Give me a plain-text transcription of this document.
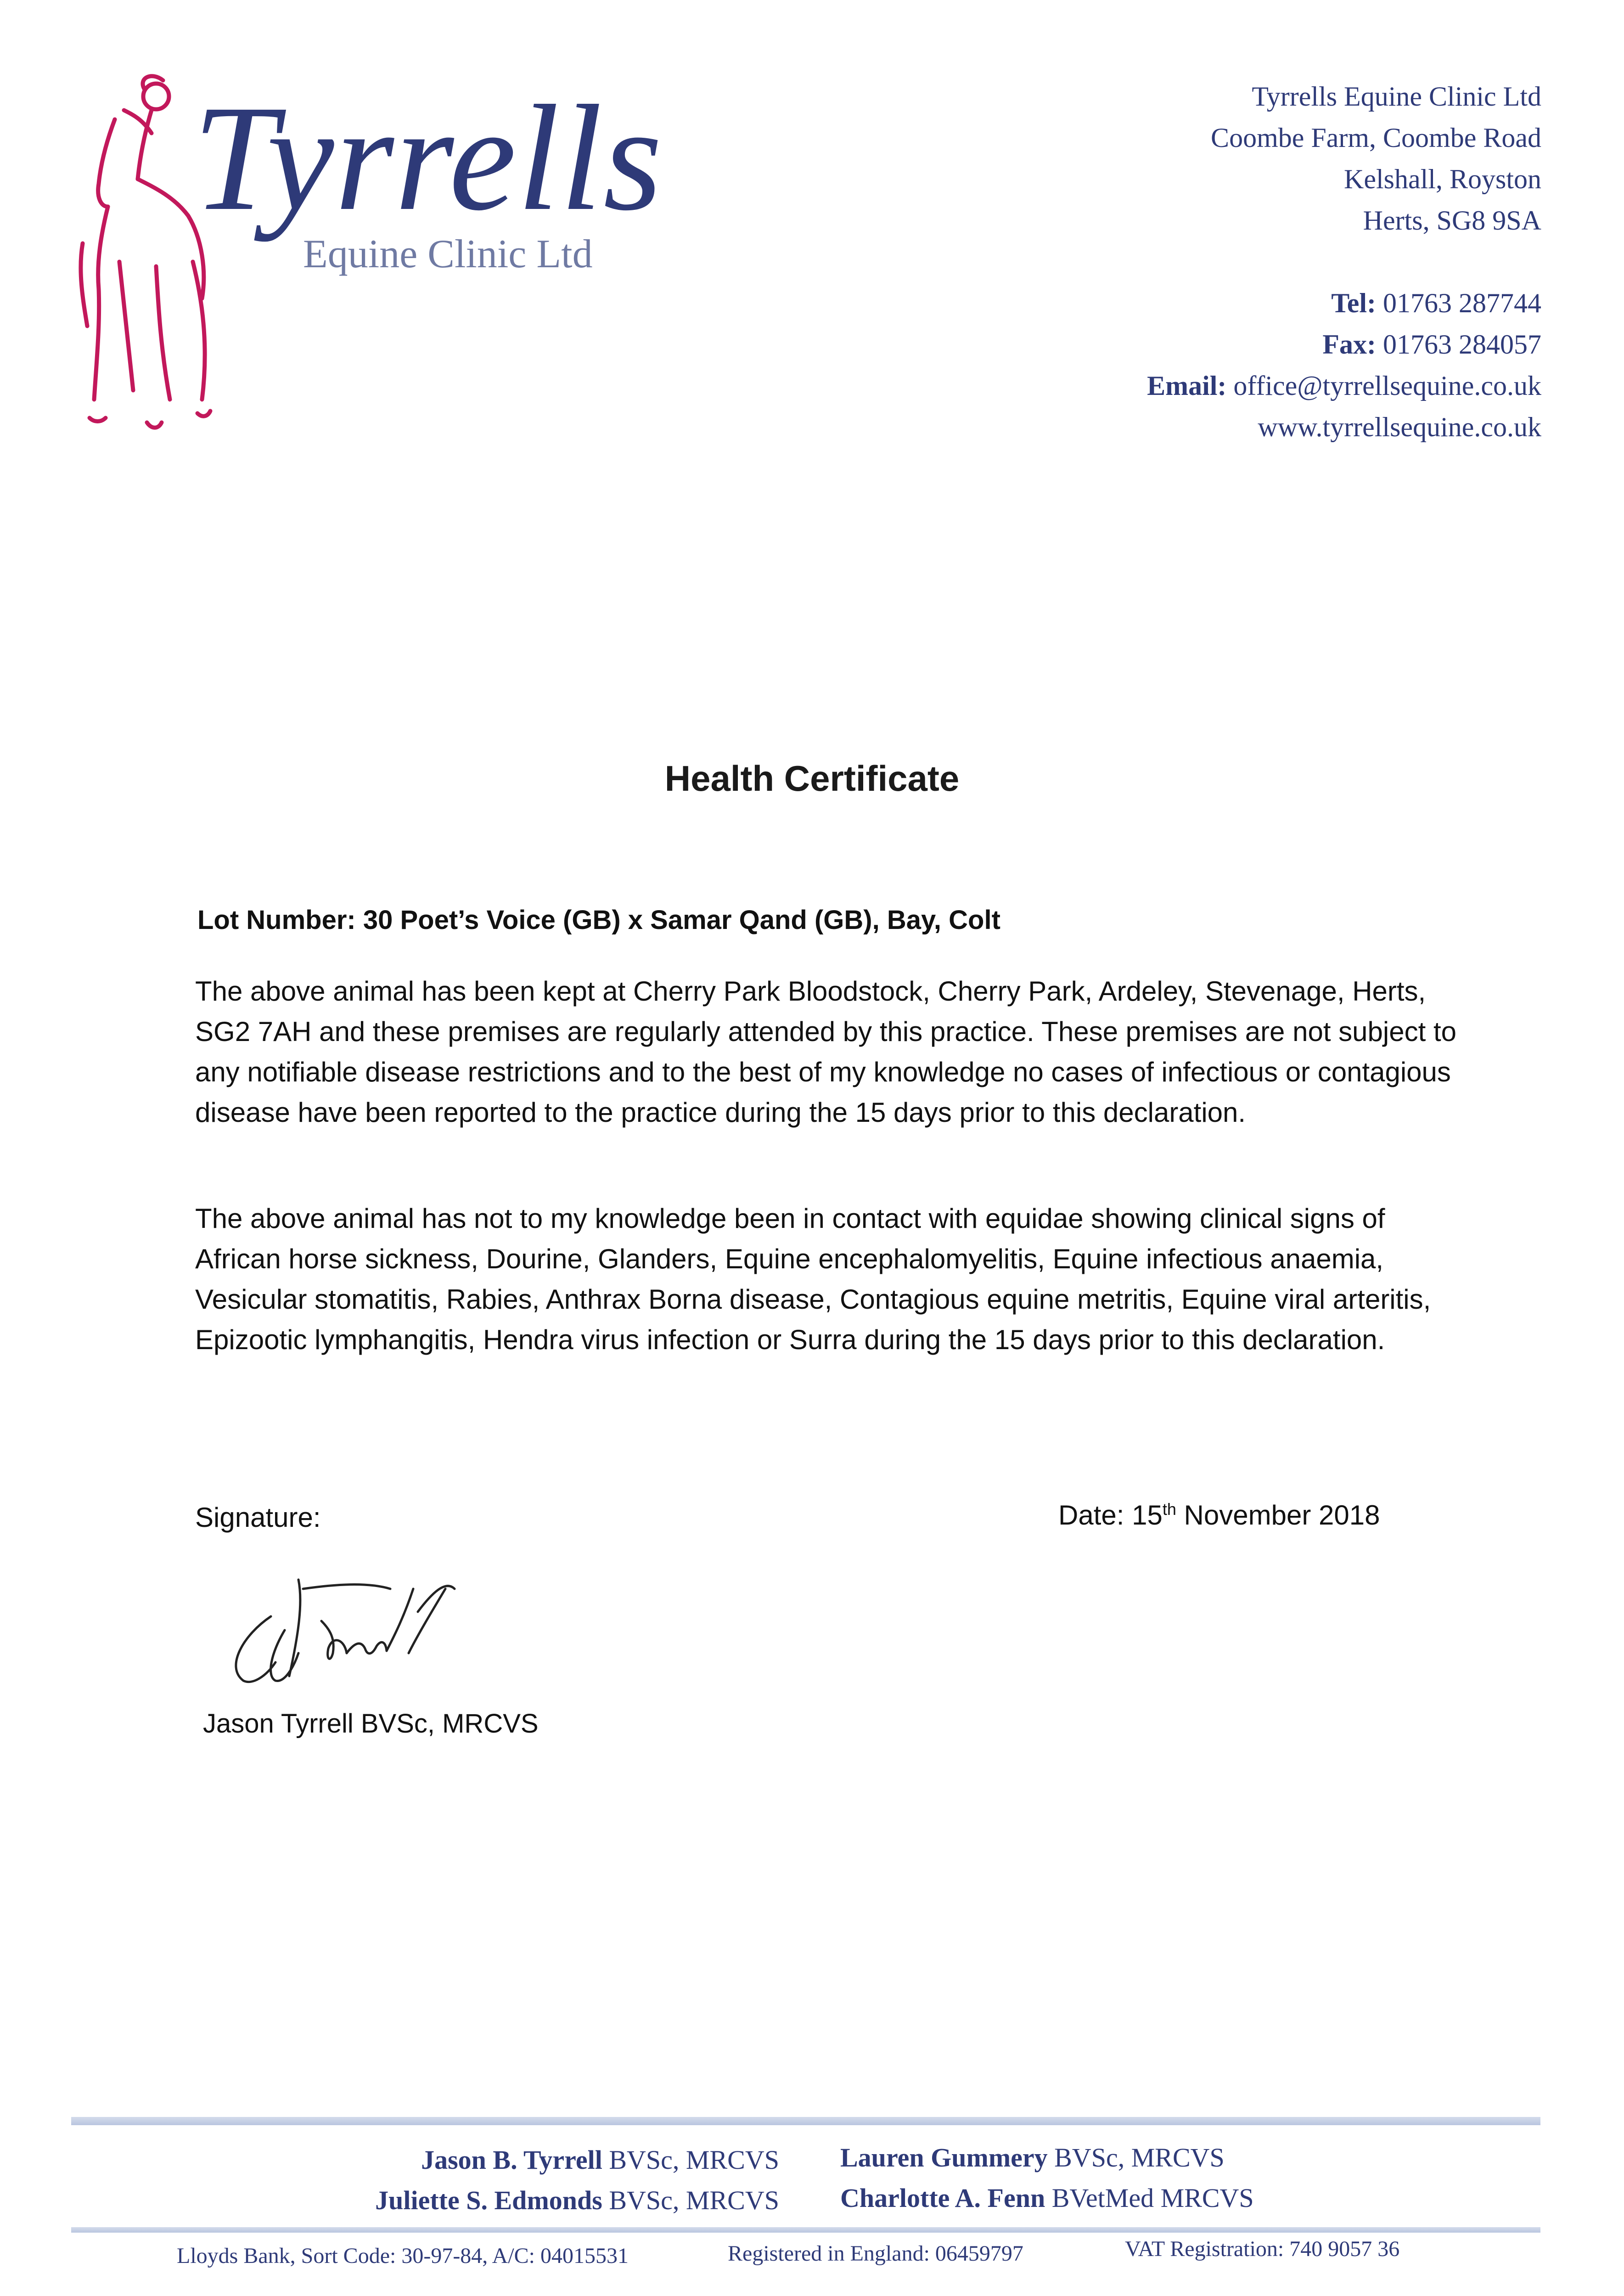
Tyrrells
Equine Clinic Ltd
Tyrrells Equine Clinic Ltd
Coombe Farm, Coombe Road
Kelshall, Royston
Herts, SG8 9SA
Tel: 01763 287744
Fax: 01763 284057
Email: office@tyrrellsequine.co.uk
www.tyrrellsequine.co.uk
Health Certificate
Lot Number: 30 Poet’s Voice (GB) x Samar Qand (GB), Bay, Colt
The above animal has been kept at Cherry Park Bloodstock, Cherry Park, Ardeley, Stevenage, Herts, SG2 7AH and these premises are regularly attended by this practice. These premises are not subject to any notifiable disease restrictions and to the best of my knowledge no cases of infectious or contagious disease have been reported to the practice during the 15 days prior to this declaration.
The above animal has not to my knowledge been in contact with equidae showing clinical signs of African horse sickness, Dourine, Glanders, Equine encephalomyelitis, Equine infectious anaemia, Vesicular stomatitis, Rabies, Anthrax Borna disease, Contagious equine metritis, Equine viral arteritis, Epizootic lymphangitis, Hendra virus infection or Surra during the 15 days prior to this declaration.
Signature:	Date: 15th November 2018
Jason Tyrrell BVSc, MRCVS
Jason B. Tyrrell BVSc, MRCVS
Juliette S. Edmonds BVSc, MRCVS
Lauren Gummery BVSc, MRCVS
Charlotte A. Fenn BVetMed MRCVS
Lloyds Bank, Sort Code: 30-97-84, A/C: 04015531	Registered in England: 06459797	VAT Registration: 740 9057 36
